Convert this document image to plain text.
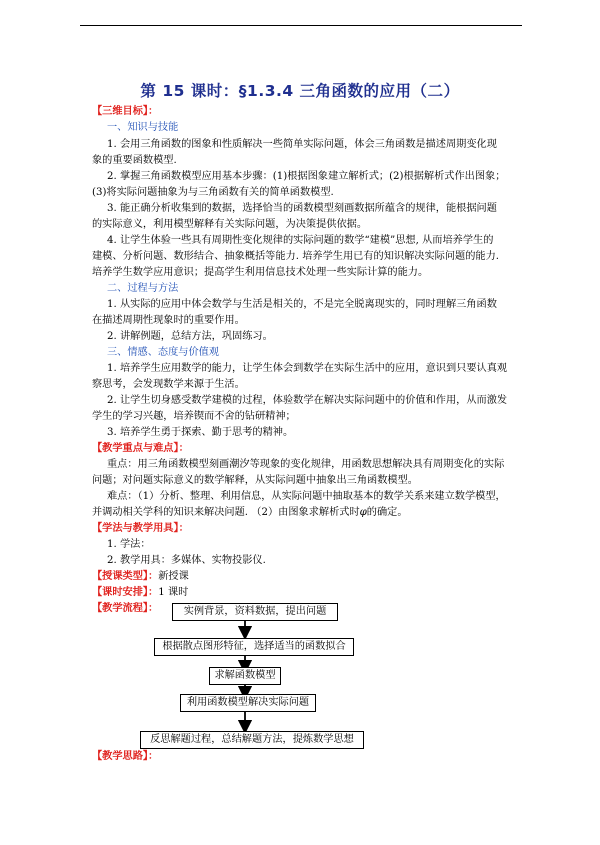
第 15 课时：§1.3.4 三角函数的应用（二）
【三维目标】：
一、知识与技能
1. 会用三角函数的图象和性质解决一些简单实际问题，体会三角函数是描述周期变化现
象的重要函数模型.
2. 掌握三角函数模型应用基本步骤：(1)根据图象建立解析式；(2)根据解析式作出图象；
(3)将实际问题抽象为与三角函数有关的简单函数模型.
3. 能正确分析收集到的数据，选择恰当的函数模型刻画数据所蕴含的规律，能根据问题
的实际意义，利用模型解释有关实际问题，为决策提供依据。
4. 让学生体验一些具有周期性变化规律的实际问题的数学“建模”思想, 从而培养学生的
建模、分析问题、数形结合、抽象概括等能力. 培养学生用已有的知识解决实际问题的能力.
培养学生数学应用意识；提高学生利用信息技术处理一些实际计算的能力。
二、过程与方法
1. 从实际的应用中体会数学与生活是相关的，不是完全脱离现实的，同时理解三角函数
在描述周期性现象时的重要作用。
2. 讲解例题，总结方法，巩固练习。
三、情感、态度与价值观
1. 培养学生应用数学的能力，让学生体会到数学在实际生活中的应用，意识到只要认真观
察思考，会发现数学来源于生活。
2. 让学生切身感受数学建模的过程，体验数学在解决实际问题中的价值和作用，从而激发
学生的学习兴趣，培养锲而不舍的钻研精神；
3. 培养学生勇于探索、勤于思考的精神。
【教学重点与难点】：
重点：用三角函数模型刻画潮汐等现象的变化规律，用函数思想解决具有周期变化的实际
问题；对问题实际意义的数学解释，从实际问题中抽象出三角函数模型。
难点：（1）分析、整理、利用信息，从实际问题中抽取基本的数学关系来建立数学模型，
并调动相关学科的知识来解决问题. （2）由图象求解析式时φ的确定。
【学法与教学用具】：
1. 学法：
2. 教学用具：多媒体、实物投影仪.
【授课类型】：新授课
【课时安排】：1 课时
【教学流程】：	实例背景，资料数据，提出问题
根据散点图形特征，选择适当的函数拟合
求解函数模型
利用函数模型解决实际问题
反思解题过程，总结解题方法，提炼数学思想
【教学思路】：
